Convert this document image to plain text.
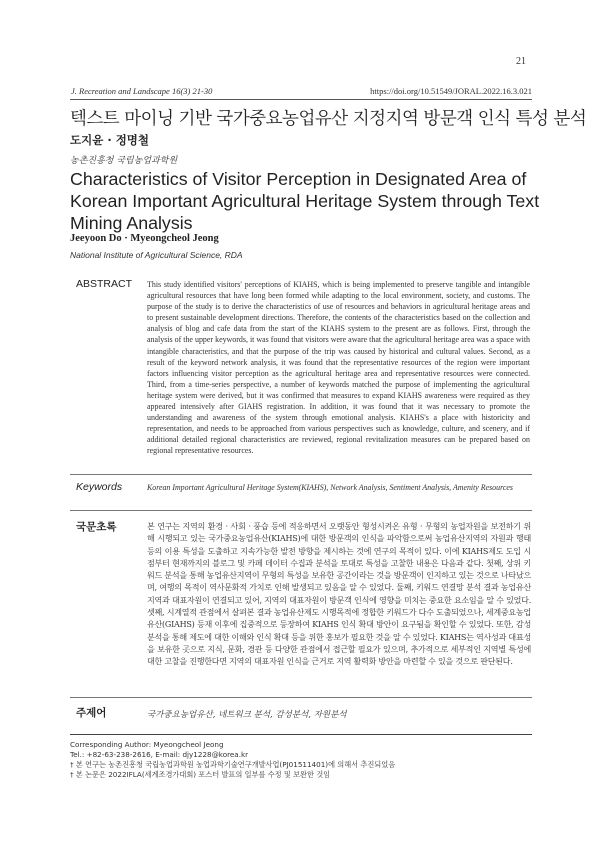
21
J. Recreation and Landscape 16(3) 21-30	https://doi.org/10.51549/JORAL.2022.16.3.021
텍스트 마이닝 기반 국가중요농업유산 지정지역 방문객 인식 특성 분석
도지윤 · 정명철
농촌진흥청 국립농업과학원
Characteristics of Visitor Perception in Designated Area of Korean Important Agricultural Heritage System through Text Mining Analysis
Jeeyoon Do · Myeongcheol Jeong
National Institute of Agricultural Science, RDA
ABSTRACT This study identified visitors' perceptions of KIAHS, which is being implemented to preserve tangible and intangible agricultural resources that have long been formed while adapting to the local environment, society, and customs. The purpose of the study is to derive the characteristics of use of resources and behaviors in agricultural heritage areas and to present sustainable development directions. Therefore, the contents of the characteristics based on the collection and analysis of blog and cafe data from the start of the KIAHS system to the present are as follows. First, through the analysis of the upper keywords, it was found that visitors were aware that the agricultural heritage area was a space with intangible characteristics, and that the purpose of the trip was caused by historical and cultural values. Second, as a result of the keyword network analysis, it was found that the representative resources of the region were important factors influencing visitor perception as the agricultural heritage area and representative resources were connected. Third, from a time-series perspective, a number of keywords matched the purpose of implementing the agricultural heritage system were derived, but it was confirmed that measures to expand KIAHS awareness were required as they appeared intensively after GIAHS registration. In addition, it was found that it was necessary to promote the understanding and awareness of the system through emotional analysis. KIAHS's a place with historicity and representation, and needs to be approached from various perspectives such as knowledge, culture, and scenery, and if additional detailed regional characteristics are reviewed, regional revitalization measures can be prepared based on regional representative resources.
Keywords	Korean Important Agricultural Heritage System(KIAHS), Network Analysis, Sentiment Analysis, Amenity Resources
국문초록	본 연구는 지역의 환경 · 사회 · 풍습 등에 적응하면서 오랫동안 형성시켜온 유형 · 무형의 농업자원을 보전하기 위해 시행되고 있는 국가중요농업유산(KIAHS)에 대한 방문객의 인식을 파악함으로써 농업유산지역의 자원과 행태 등의 이용 특성을 도출하고 지속가능한 발전 방향을 제시하는 것에 연구의 목적이 있다. 이에 KIAHS제도 도입 시점부터 현재까지의 블로그 및 카페 데이터 수집과 분석을 토대로 특성을 고찰한 내용은 다음과 같다. 첫째, 상위 키워드 분석을 통해 농업유산지역이 무형의 특성을 보유한 공간이라는 것을 방문객이 인지하고 있는 것으로 나타났으며, 여행의 목적이 역사문화적 가치로 인해 발생되고 있음을 알 수 있었다. 둘째, 키워드 연결망 분석 결과 농업유산지역과 대표자원이 연결되고 있어, 지역의 대표자원이 방문객 인식에 영향을 미치는 중요한 요소임을 알 수 있었다. 셋째, 시계열적 관점에서 살펴본 결과 농업유산제도 시행목적에 정합한 키워드가 다수 도출되었으나, 세계중요농업유산(GIAHS) 등재 이후에 집중적으로 등장하여 KIAHS 인식 확대 방안이 요구됨을 확인할 수 있었다. 또한, 감성분석을 통해 제도에 대한 이해와 인식 확대 등을 위한 홍보가 필요한 것을 알 수 있었다. KIAHS는 역사성과 대표성을 보유한 곳으로 지식, 문화, 경관 등 다양한 관점에서 접근할 필요가 있으며, 추가적으로 세부적인 지역별 특성에 대한 고찰을 진행한다면 지역의 대표자원 인식을 근거로 지역 활력화 방안을 마련할 수 있을 것으로 판단된다.
주제어	국가중요농업유산, 네트워크 분석, 감성분석, 자원분석
Corresponding Author: Myeongcheol Jeong
Tel.: +82-63-238-2616, E-mail: djy1228@korea.kr
† 본 연구는 농촌진흥청 국립농업과학원 농업과학기술연구개발사업(PJ01511401)에 의해서 추진되었음
† 본 논문은 2022IFLA(세계조경가대회) 포스터 발표의 일부를 수정 및 보완한 것임
